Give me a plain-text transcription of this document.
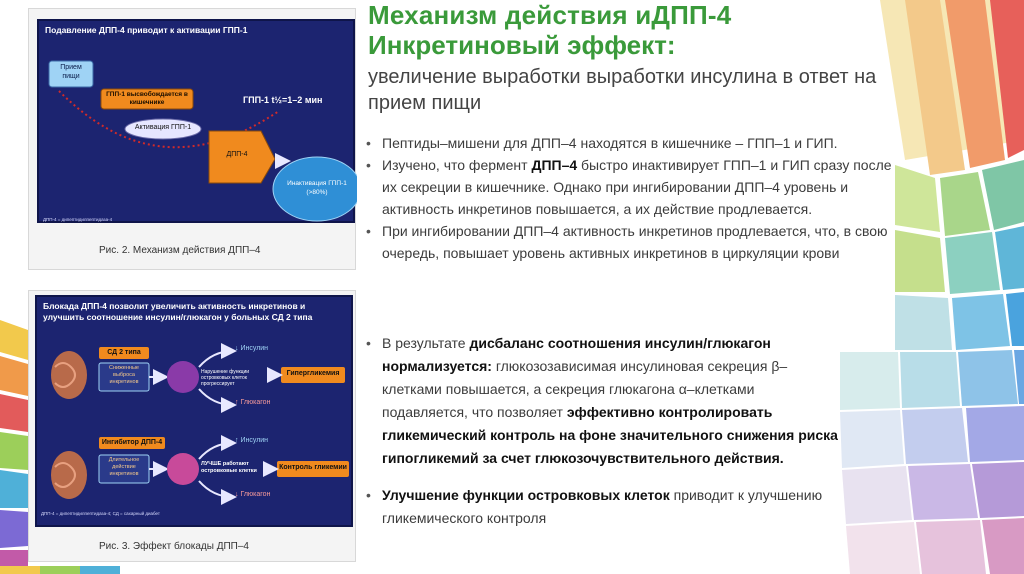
Подавление ДПП-4 приводит к активации ГПП-1
Прием пищи
ГПП-1 высвобождается в кишечнике
Активация ГПП-1
ДПП-4
ГПП-1 t½=1–2 мин
Инактивация ГПП-1 (>80%)
ДПП-4 = дипептидилпептидаза-4
Рис. 2. Механизм действия ДПП–4
Блокада ДПП-4 позволит увеличить активность инкретинов и
улучшить соотношение инсулин/глюкагон у больных СД 2 типа
СД 2 типа
Сниженные выброса инкретинов
Нарушение функции островковых клеток прогрессирует
↓ Инсулин
↑ Глюкагон
Гипергликемия
Ингибитор ДПП-4
Длительное действие инкретинов
ЛУЧШЕ работают островковые клетки
↑ Инсулин
↓ Глюкагон
Контроль гликемии
ДПП-4 = дипептидилпептидаза-4; СД = сахарный диабет
Рис. 3. Эффект блокады ДПП–4
Механизм действия иДПП-4
Инкретиновый эффект:
увеличение выработки выработки инсулина в ответ на прием пищи
• Пептиды–мишени для ДПП–4 находятся в кишечнике – ГПП–1 и ГИП.
• Изучено, что фермент ДПП–4 быстро инактивирует ГПП–1 и ГИП сразу после их секреции в кишечнике. Однако при ингибировании ДПП–4 уровень и активность инкретинов повышается, а их действие продлевается.
• При ингибировании ДПП–4 активность инкретинов продлевается, что, в свою очередь, повышает уровень активных инкретинов в циркуляции крови
• В результате дисбаланс соотношения инсулин/глюкагон нормализуется: глюкозозависимая инсулиновая секреция β–клетками повышается, а секреция глюкагона α–клетками подавляется, что позволяет эффективно контролировать гликемический контроль на фоне значительного снижения риска гипогликемий за счет глюкозочувствительного действия.
• Улучшение функции островковых клеток приводит к улучшению гликемического контроля
